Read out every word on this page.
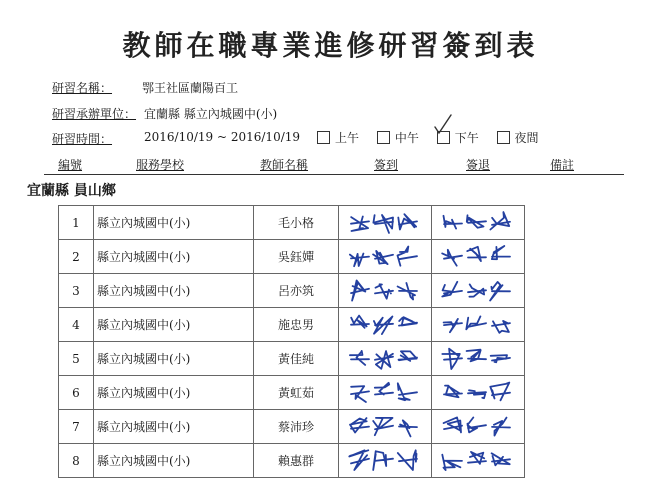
教師在職專業進修研習簽到表
研習名稱： 鄂王社區蘭陽百工
研習承辦單位： 宜蘭縣 縣立內城國中(小)
研習時間：	2016/10/19 ~ 2016/10/19	上午	中午	下午	夜間
編號	服務學校	教師名稱	簽到	簽退	備註
宜蘭縣 員山鄉
1	縣立內城國中(小)	毛小格	

2	縣立內城國中(小)	吳鈺嬋	

3	縣立內城國中(小)	呂亦筑	

4	縣立內城國中(小)	施忠男	

5	縣立內城國中(小)	黃佳純	

6	縣立內城國中(小)	黃虹茹	

7	縣立內城國中(小)	蔡沛珍	

8	縣立內城國中(小)	賴惠群	
